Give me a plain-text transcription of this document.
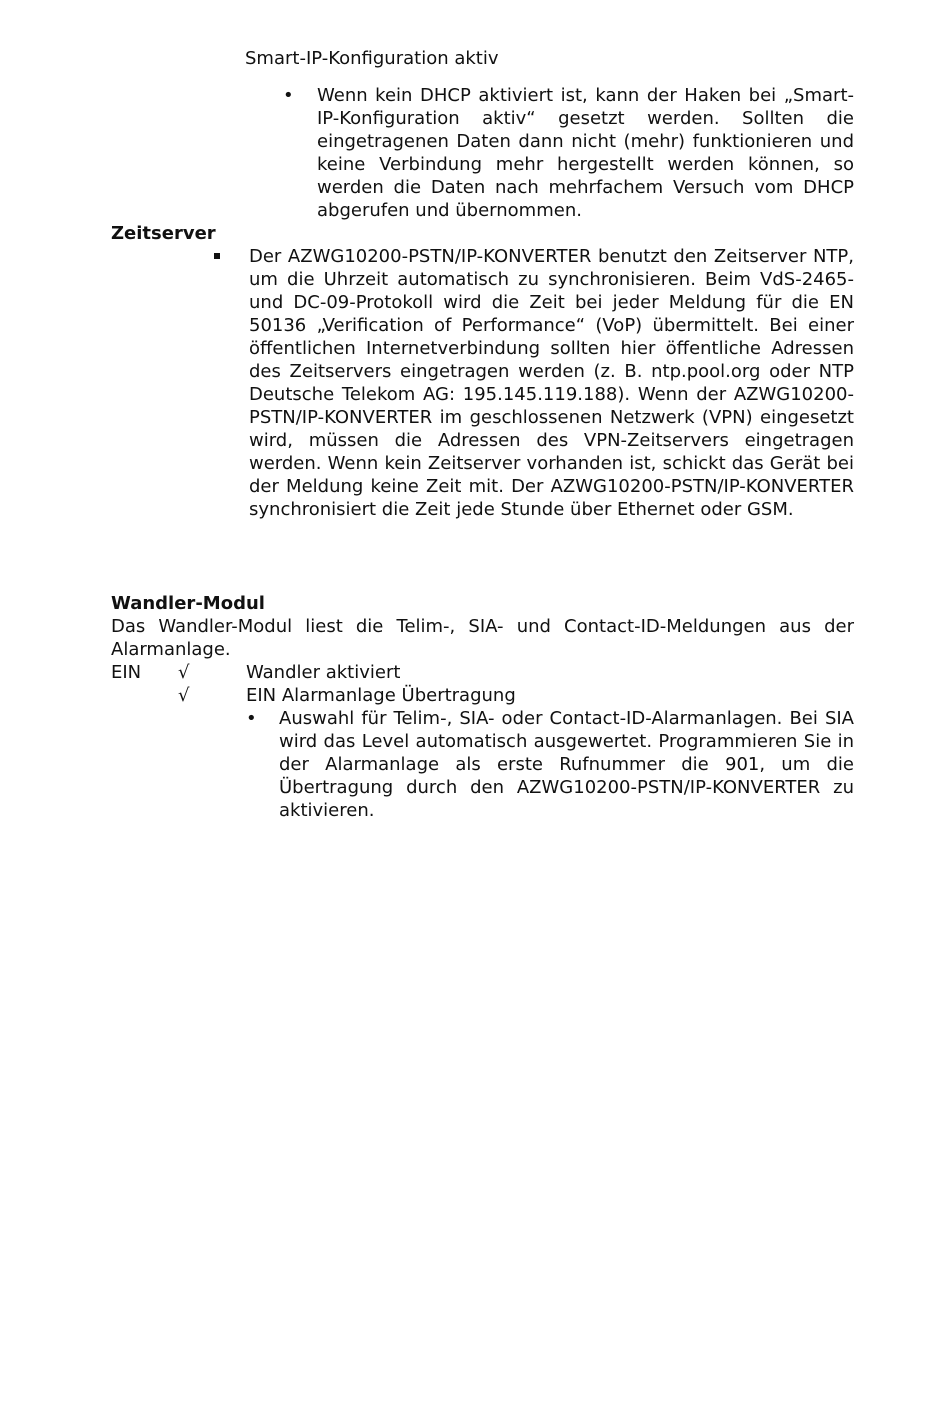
Smart-IP-Konfiguration aktiv
• Wenn kein DHCP aktiviert ist, kann der Haken bei „Smart-IP-Konfiguration aktiv“ gesetzt werden. Sollten die eingetragenen Daten dann nicht (mehr) funktionieren und keine Verbindung mehr hergestellt werden können, so werden die Daten nach mehrfachem Versuch vom DHCP abgerufen und übernommen.
Zeitserver
Der AZWG10200-PSTN/IP-KONVERTER benutzt den Zeitserver NTP, um die Uhrzeit automatisch zu synchronisieren. Beim VdS-2465- und DC-09-Protokoll wird die Zeit bei jeder Meldung für die EN 50136 „Verification of Performance“ (VoP) übermittelt. Bei einer öffentlichen Internetverbindung sollten hier öffentliche Adressen des Zeitservers eingetragen werden (z. B. ntp.pool.org oder NTP Deutsche Telekom AG: 195.145.119.188). Wenn der AZWG10200-PSTN/IP-KONVERTER im geschlossenen Netzwerk (VPN) eingesetzt wird, müssen die Adressen des VPN-Zeitservers eingetragen werden. Wenn kein Zeitserver vorhanden ist, schickt das Gerät bei der Meldung keine Zeit mit. Der AZWG10200-PSTN/IP-KONVERTER synchronisiert die Zeit jede Stunde über Ethernet oder GSM.
Wandler-Modul
Das Wandler-Modul liest die Telim-, SIA- und Contact-ID-Meldungen aus der Alarmanlage.
EIN √	Wandler aktiviert
√	EIN Alarmanlage Übertragung
• Auswahl für Telim-, SIA- oder Contact-ID-Alarmanlagen. Bei SIA wird das Level automatisch ausgewertet. Programmieren Sie in der Alarmanlage als erste Rufnummer die 901, um die Übertragung durch den AZWG10200-PSTN/IP-KONVERTER zu aktivieren.
